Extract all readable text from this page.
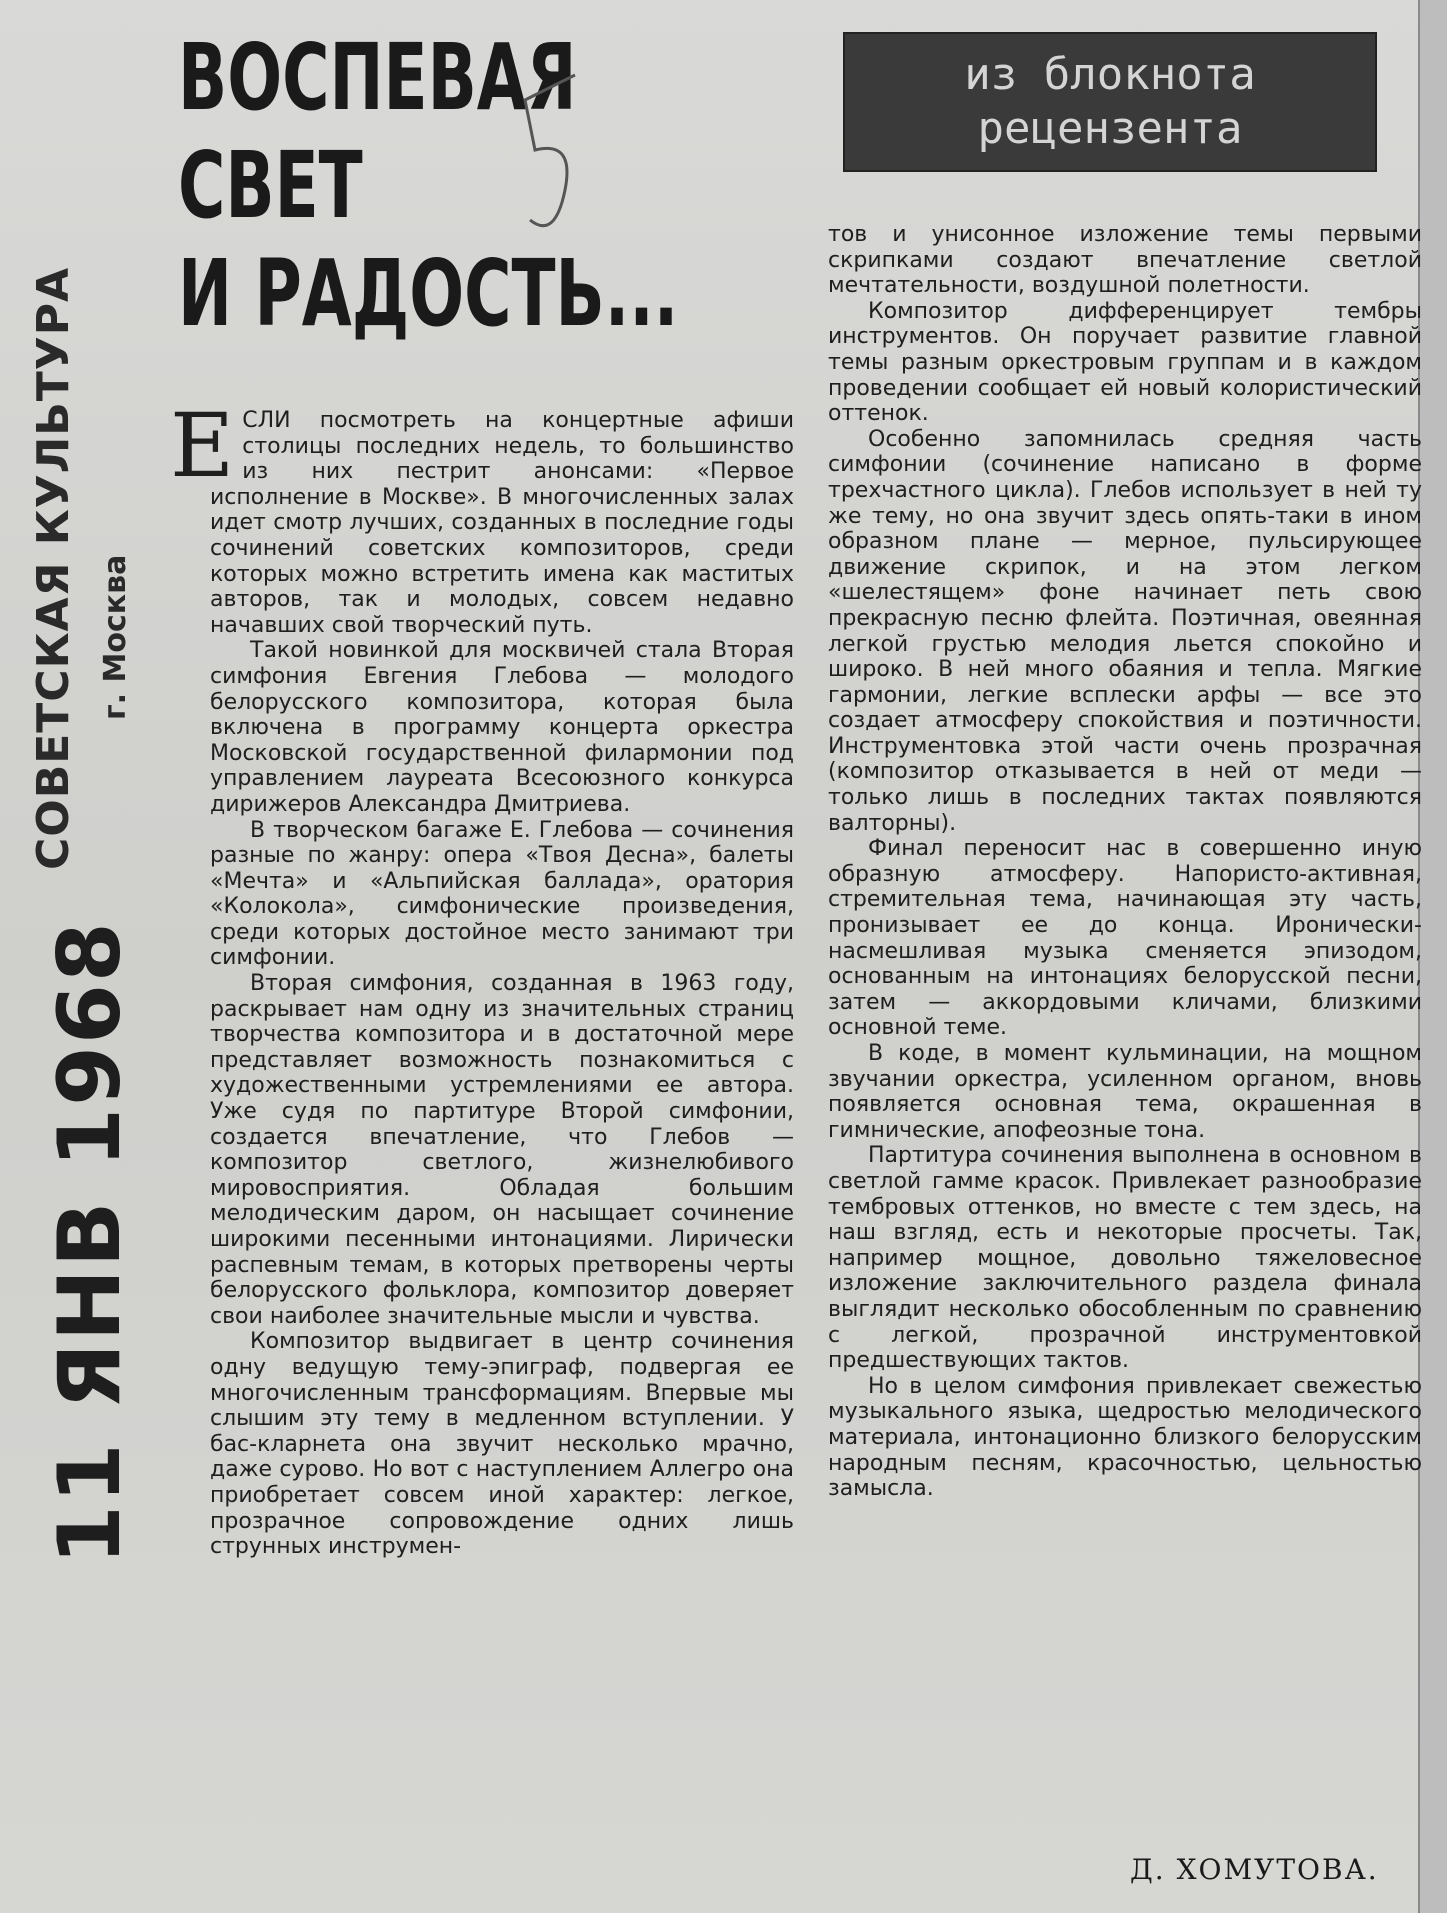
СОВЕТСКАЯ КУЛЬТУРА г. Москва
11 ЯНВ 1968
ВОСПЕВАЯ
СВЕТ
И РАДОСТЬ...
из блокнота
рецензента

ЕСЛИ посмотреть на концертные афиши столицы последних недель, то большинство из них пестрит анонсами: «Первое исполнение в Москве». В многочисленных залах идет смотр лучших, созданных в последние годы сочинений советских композиторов, среди которых можно встретить имена как маститых авторов, так и молодых, совсем недавно начавших свой творческий путь.

Такой новинкой для москвичей стала Вторая симфония Евгения Глебова — молодого белорусского композитора, которая была включена в программу концерта оркестра Московской государственной филармонии под управлением лауреата Всесоюзного конкурса дирижеров Александра Дмитриева.

В творческом багаже Е. Глебова — сочинения разные по жанру: опера «Твоя Десна», балеты «Мечта» и «Альпийская баллада», оратория «Колокола», симфонические произведения, среди которых достойное место занимают три симфонии.

Вторая симфония, созданная в 1963 году, раскрывает нам одну из значительных страниц творчества композитора и в достаточной мере представляет возможность познакомиться с художественными устремлениями ее автора. Уже судя по партитуре Второй симфонии, создается впечатление, что Глебов — композитор светлого, жизнелюбивого мировосприятия. Обладая большим мелодическим даром, он насыщает сочинение широкими песенными интонациями. Лирически распевным темам, в которых претворены черты белорусского фольклора, композитор доверяет свои наиболее значительные мысли и чувства.

Композитор выдвигает в центр сочинения одну ведущую тему-эпиграф, подвергая ее многочисленным трансформациям. Впервые мы слышим эту тему в медленном вступлении. У бас-кларнета она звучит несколько мрачно, даже сурово. Но вот с наступлением Аллегро она приобретает совсем иной характер: легкое, прозрачное сопровождение одних лишь струнных инструмен-

тов и унисонное изложение темы первыми скрипками создают впечатление светлой мечтательности, воздушной полетности.

Композитор дифференцирует тембры инструментов. Он поручает развитие главной темы разным оркестровым группам и в каждом проведении сообщает ей новый колористический оттенок.

Особенно запомнилась средняя часть симфонии (сочинение написано в форме трехчастного цикла). Глебов использует в ней ту же тему, но она звучит здесь опять-таки в ином образном плане — мерное, пульсирующее движение скрипок, и на этом легком «шелестящем» фоне начинает петь свою прекрасную песню флейта. Поэтичная, овеянная легкой грустью мелодия льется спокойно и широко. В ней много обаяния и тепла. Мягкие гармонии, легкие всплески арфы — все это создает атмосферу спокойствия и поэтичности. Инструментовка этой части очень прозрачная (композитор отказывается в ней от меди — только лишь в последних тактах появляются валторны).

Финал переносит нас в совершенно иную образную атмосферу. Напористо-активная, стремительная тема, начинающая эту часть, пронизывает ее до конца. Иронически-насмешливая музыка сменяется эпизодом, основанным на интонациях белорусской песни, затем — аккордовыми кличами, близкими основной теме.

В коде, в момент кульминации, на мощном звучании оркестра, усиленном органом, вновь появляется основная тема, окрашенная в гимнические, апофеозные тона.

Партитура сочинения выполнена в основном в светлой гамме красок. Привлекает разнообразие тембровых оттенков, но вместе с тем здесь, на наш взгляд, есть и некоторые просчеты. Так, например мощное, довольно тяжеловесное изложение заключительного раздела финала выглядит несколько обособленным по сравнению с легкой, прозрачной инструментовкой предшествующих тактов.

Но в целом симфония привлекает свежестью музыкального языка, щедростью мелодического материала, интонационно близкого белорусским народным песням, красочностью, цельностью замысла.

Д. ХОМУТОВА.
